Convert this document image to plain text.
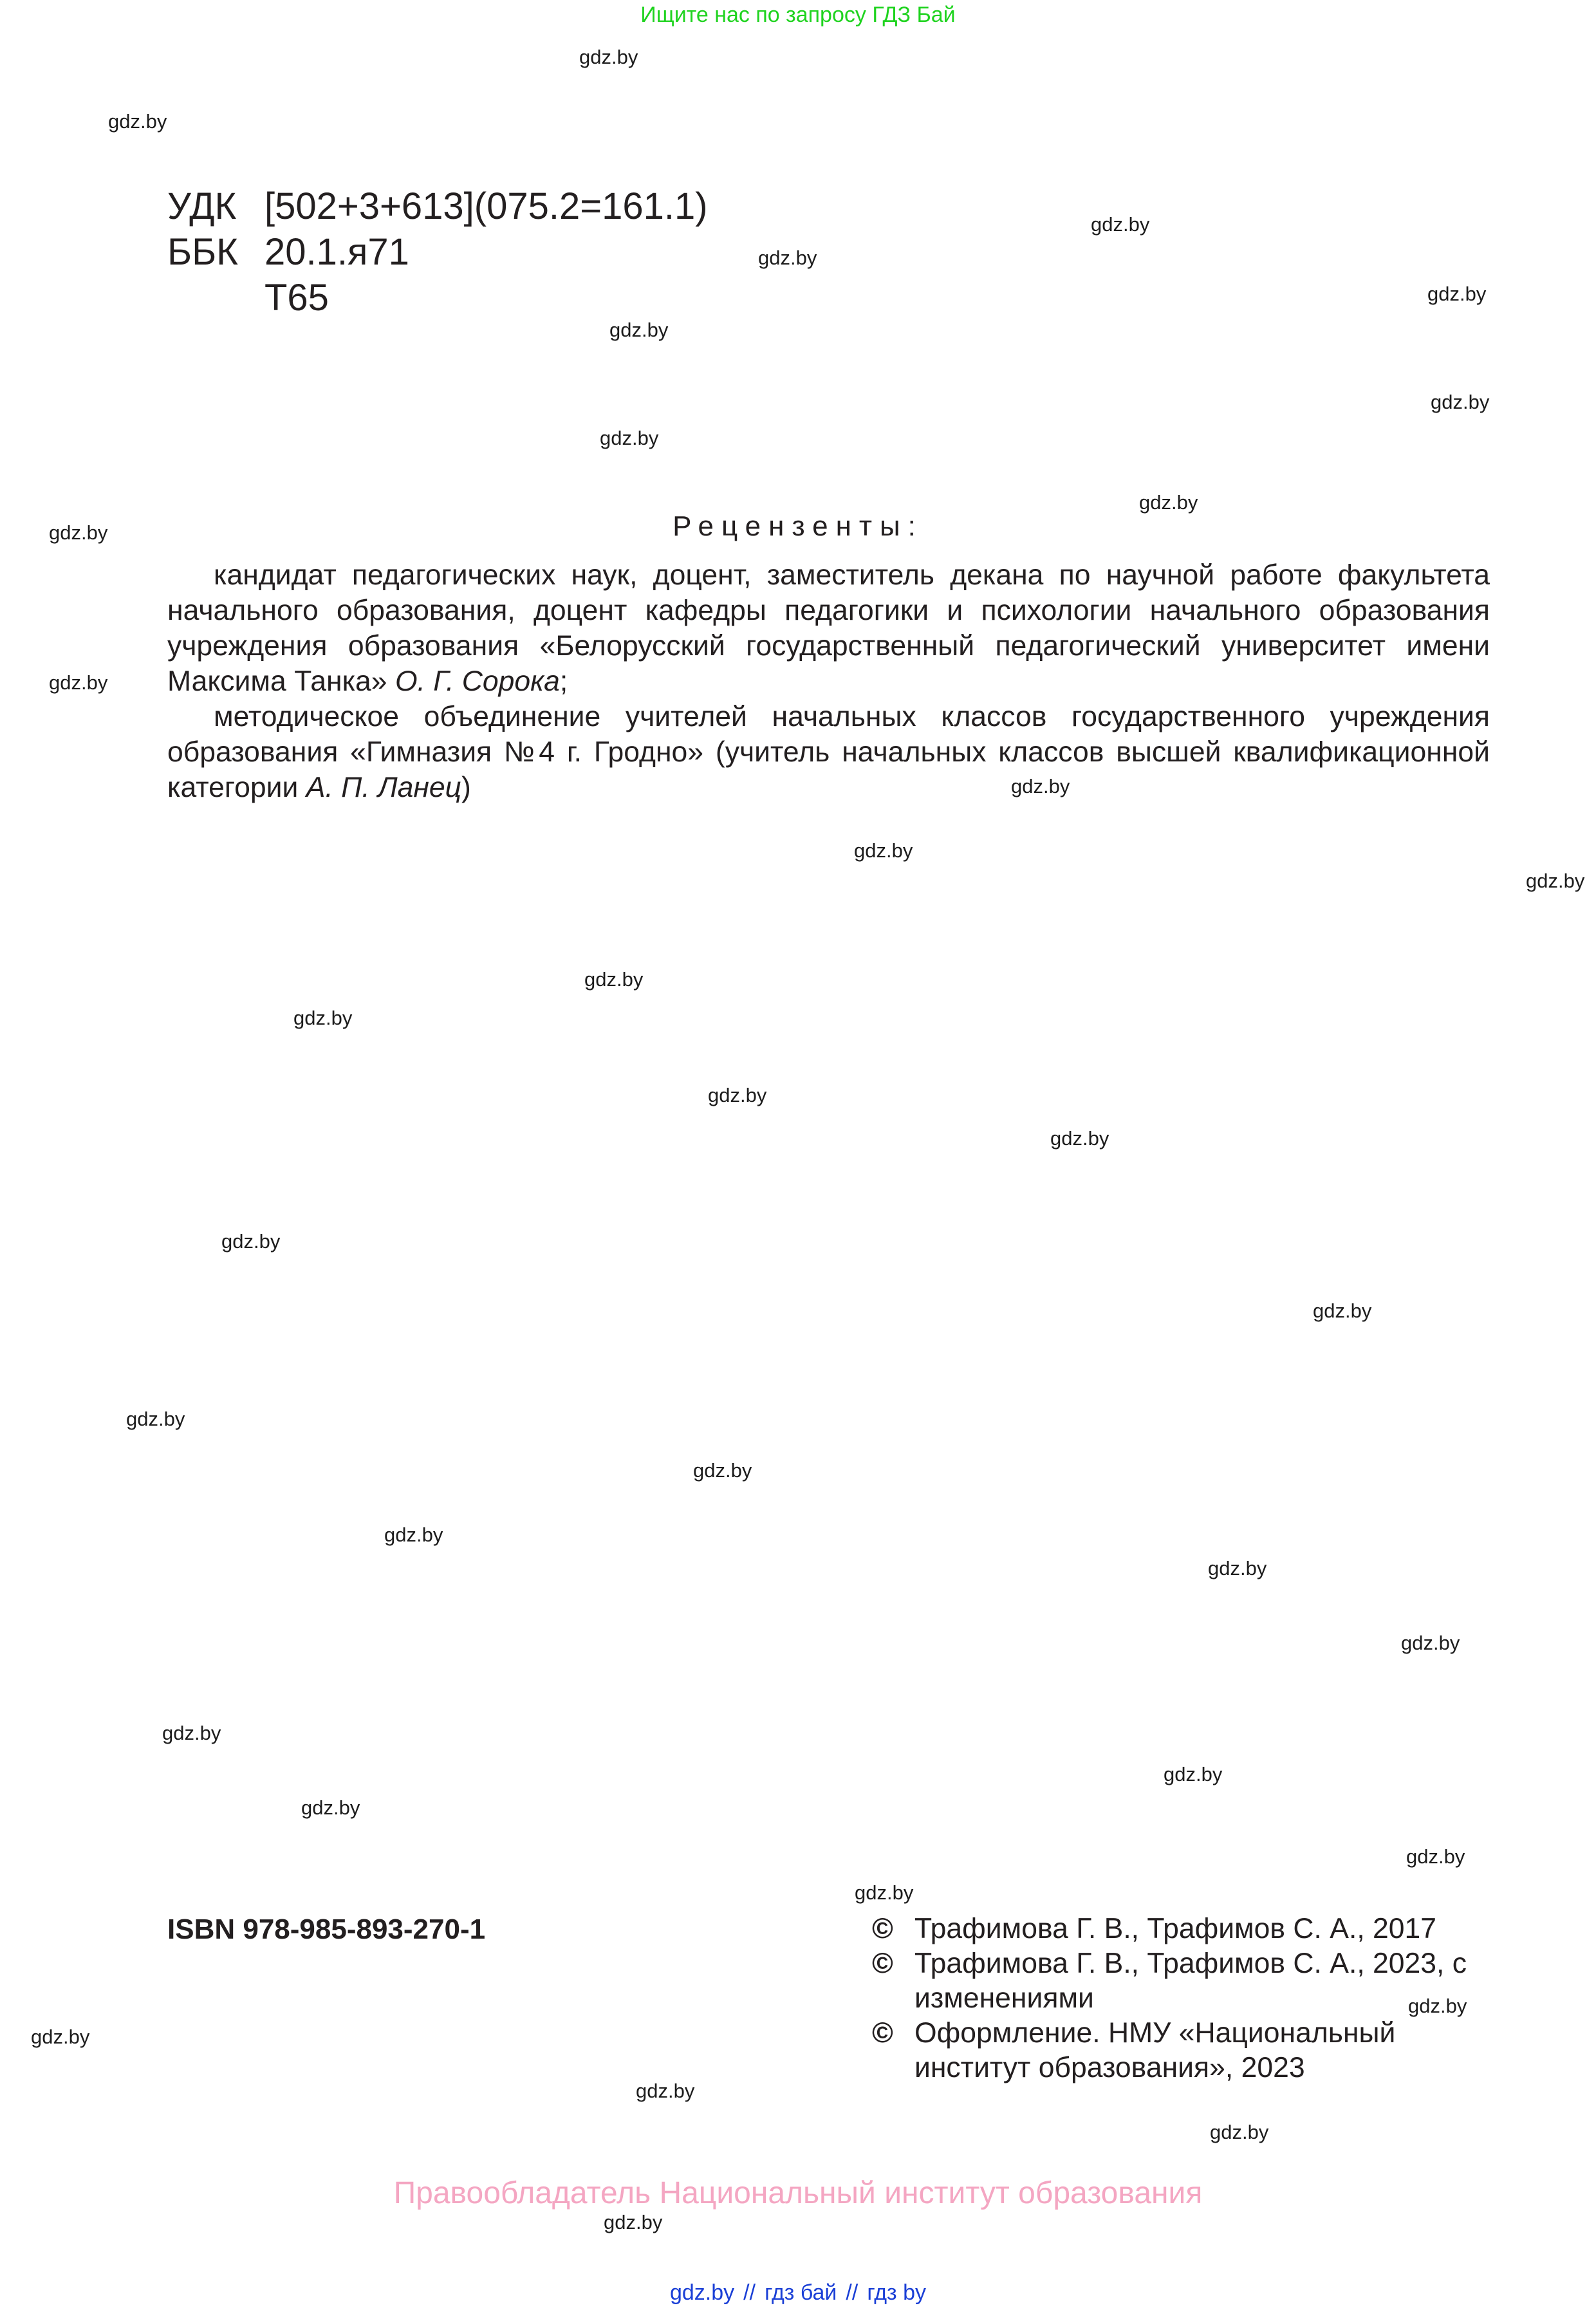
Ищите нас по запросу ГДЗ Бай
gdz.by
gdz.by
gdz.by
gdz.by
gdz.by
gdz.by
gdz.by
gdz.by
gdz.by
gdz.by
gdz.by
gdz.by
gdz.by
gdz.by
gdz.by
gdz.by
gdz.by
gdz.by
gdz.by
gdz.by
gdz.by
gdz.by
gdz.by
gdz.by
gdz.by
gdz.by
gdz.by
gdz.by
gdz.by
gdz.by
gdz.by
gdz.by
gdz.by
gdz.by
gdz.by
УДК [502+3+613](075.2=161.1)
ББК 20.1.я71
Т65
Рецензенты:

кандидат педагогических наук, доцент, заместитель декана по научной работе факультета начального образования, доцент кафедры педагогики и психологии начального образования учреждения образования «Белорусский государственный педагогический университет имени Максима Танка» О. Г. Сорока;

методическое объединение учителей начальных классов государственного учреждения образования «Гимназия №4 г. Гродно» (учитель начальных классов высшей квалификационной категории А. П. Ланец)

ISBN 978-985-893-270-1	© Трафимова Г. В., Трафимов С. А., 2017

© Трафимова Г. В., Трафимов С. А., 2023, с изменениями

© Оформление. НМУ «Национальный институт образования», 2023

Правообладатель Национальный институт образования
gdz.by // гдз бай // гдз by
